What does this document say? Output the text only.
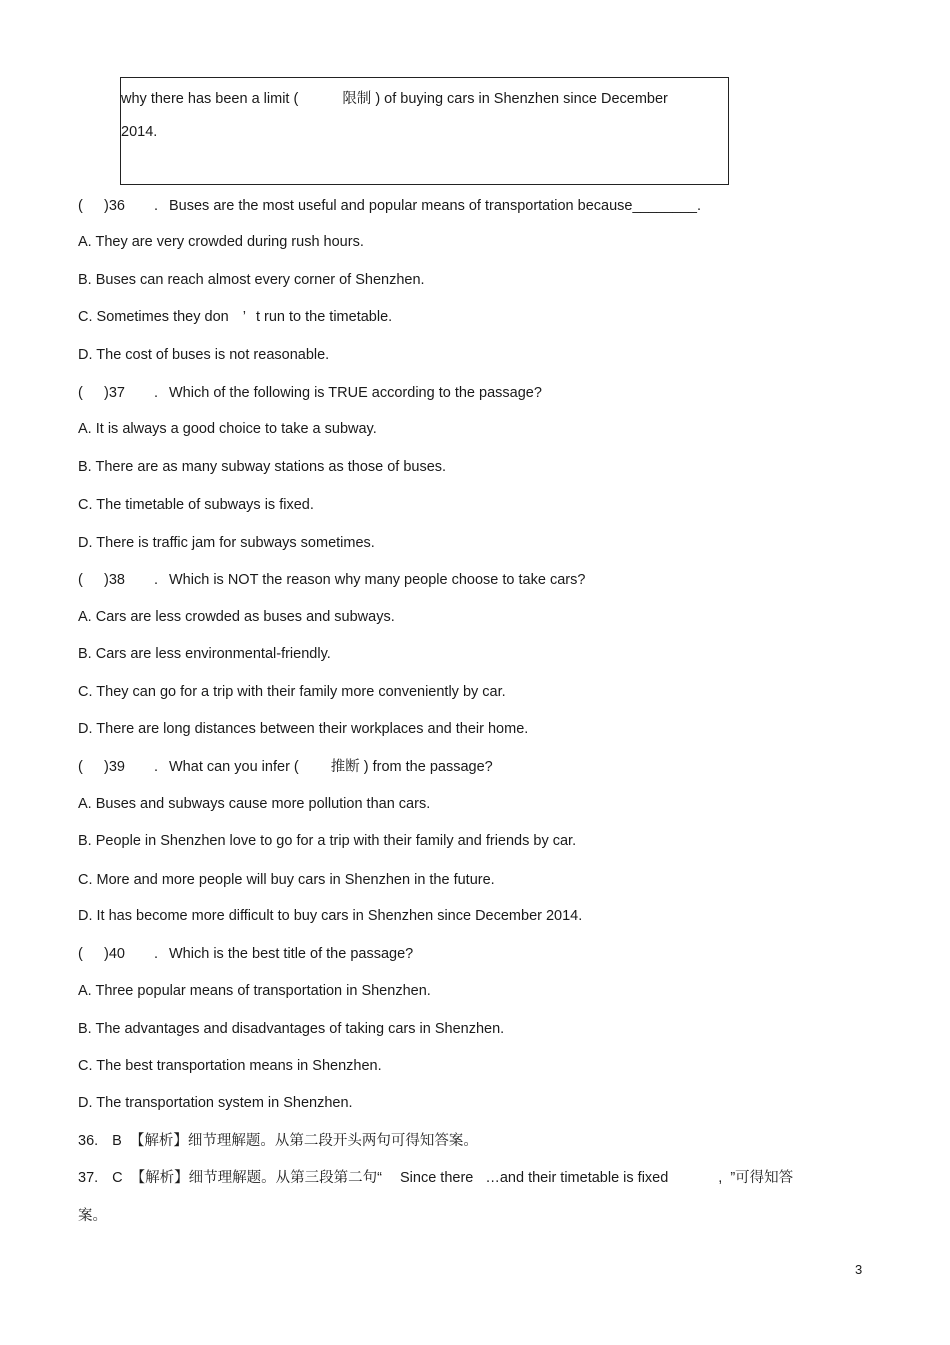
why there has been a limit (	限制 ) of buying cars in Shenzhen since December
2014.
( )36 . Buses are the most useful and popular means of transportation because________.
A. They are very crowded during rush hours.
B. Buses can reach almost every corner of Shenzhen.
C. Sometimes they don ’ t run to the timetable.
D. The cost of buses is not reasonable.
( )37 . Which of the following is TRUE according to the passage?
A. It is always a good choice to take a subway.
B. There are as many subway stations as those of buses.
C. The timetable of subways is fixed.
D. There is traffic jam for subways sometimes.
( )38 . Which is NOT the reason why many people choose to take cars?
A. Cars are less crowded as buses and subways.
B. Cars are less environmental-friendly.
C. They can go for a trip with their family more conveniently by car.
D. There are long distances between their workplaces and their home.
( )39 . What can you infer ( 推断 ) from the passage?
A. Buses and subways cause more pollution than cars.
B. People in Shenzhen love to go for a trip with their family and friends by car.
C. More and more people will buy cars in Shenzhen in the future.
D. It has become more difficult to buy cars in Shenzhen since December 2014.
( )40 . Which is the best title of the passage?
A. Three popular means of transportation in Shenzhen.
B. The advantages and disadvantages of taking cars in Shenzhen.
C. The best transportation means in Shenzhen.
D. The transportation system in Shenzhen.
36. B 【解析】细节理解题。从第二段开头两句可得知答案。
37. C 【解析】细节理解题。从第三段第二句“ Since there …and their timetable is fixed	, ”可得知答
案。
3
